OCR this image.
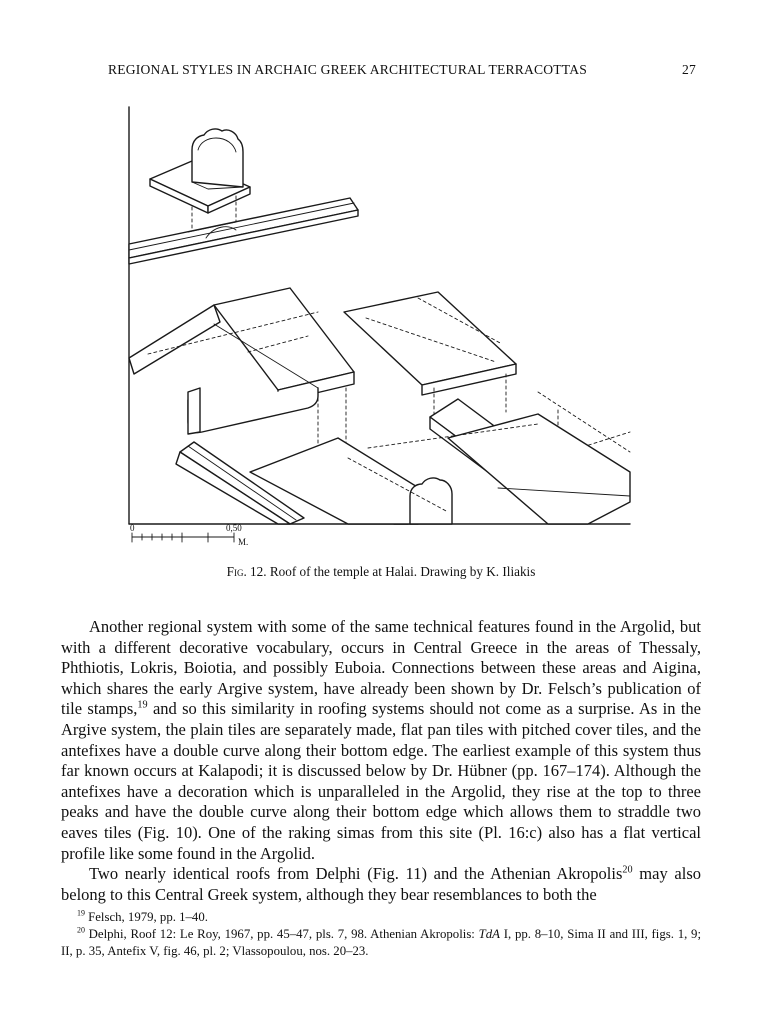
REGIONAL STYLES IN ARCHAIC GREEK ARCHITECTURAL TERRACOTTAS	27
0	0,50
M.
Fig. 12. Roof of the temple at Halai. Drawing by K. Iliakis

Another regional system with some of the same technical features found in the Argolid, but with a different decorative vocabulary, occurs in Central Greece in the areas of Thessaly, Phthiotis, Lokris, Boiotia, and possibly Euboia. Connections between these areas and Aigina, which shares the early Argive system, have already been shown by Dr. Felsch’s publication of tile stamps,$^{19}$ and so this similarity in roofing systems should not come as a surprise. As in the Argive system, the plain tiles are separately made, flat pan tiles with pitched cover tiles, and the antefixes have a double curve along their bottom edge. The earliest example of this system thus far known occurs at Kalapodi; it is discussed below by Dr. Hübner (pp. 167–174). Although the antefixes have a decoration which is unparalleled in the Argolid, they rise at the top to three peaks and have the double curve along their bottom edge which allows them to straddle two eaves tiles (Fig. 10). One of the raking simas from this site (Pl. 16:c) also has a flat vertical profile like some found in the Argolid.

Two nearly identical roofs from Delphi (Fig. 11) and the Athenian Akropolis$^{20}$ may also belong to this Central Greek system, although they bear resemblances to both the

$^{19}$ Felsch, 1979, pp. 1–40.

$^{20}$ Delphi, Roof 12: Le Roy, 1967, pp. 45–47, pls. 7, 98. Athenian Akropolis: TdA I, pp. 8–10, Sima II and III, figs. 1, 9; II, p. 35, Antefix V, fig. 46, pl. 2; Vlassopoulou, nos. 20–23.
